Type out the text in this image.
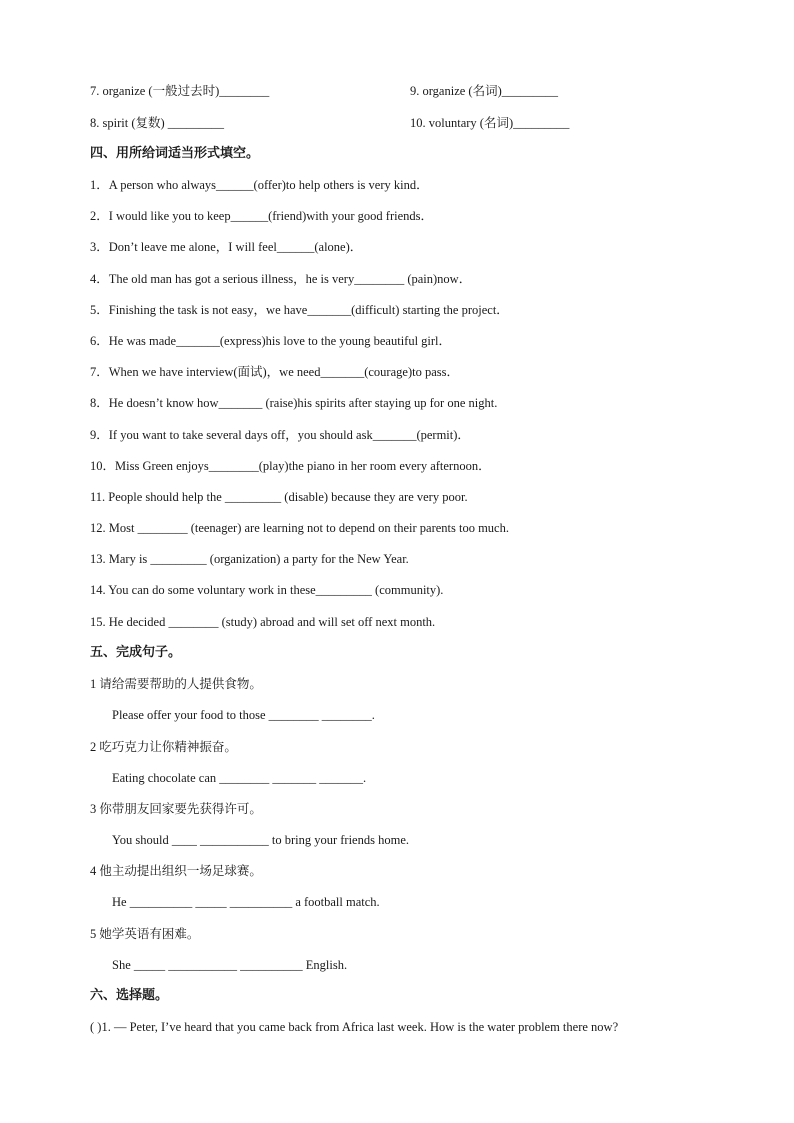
7. organize (一般过去时)________	9. organize (名词)_________
8. spirit (复数) _________	10. voluntary (名词)_________
四、用所给词适当形式填空。
1．A person who always______(offer)to help others is very kind．
2．I would like you to keep______(friend)with your good friends．
3．Don’t leave me alone，I will feel______(alone)．
4．The old man has got a serious illness，he is very________ (pain)now．
5．Finishing the task is not easy，we have_______(difficult) starting the project．
6．He was made_______(express)his love to the young beautiful girl．
7．When we have interview(面试)，we need_______(courage)to pass．
8．He doesn’t know how_______ (raise)his spirits after staying up for one night.
9．If you want to take several days off，you should ask_______(permit)．
10．Miss Green enjoys________(play)the piano in her room every afternoon．
11. People should help the _________ (disable) because they are very poor.
12. Most ________ (teenager) are learning not to depend on their parents too much.
13. Mary is _________ (organization) a party for the New Year.
14. You can do some voluntary work in these_________ (community).
15. He decided ________ (study) abroad and will set off next month.
五、完成句子。
1 请给需要帮助的人提供食物。
Please offer your food to those ________ ________.
2 吃巧克力让你精神振奋。
Eating chocolate can ________ _______ _______.
3 你带朋友回家要先获得许可。
You should ____ ___________ to bring your friends home.
4 他主动提出组织一场足球赛。
He __________ _____ __________ a football match.
5 她学英语有困难。
She _____ ___________ __________ English.
六、选择题。
( )1. — Peter, I’ve heard that you came back from Africa last week. How is the water problem there now?
